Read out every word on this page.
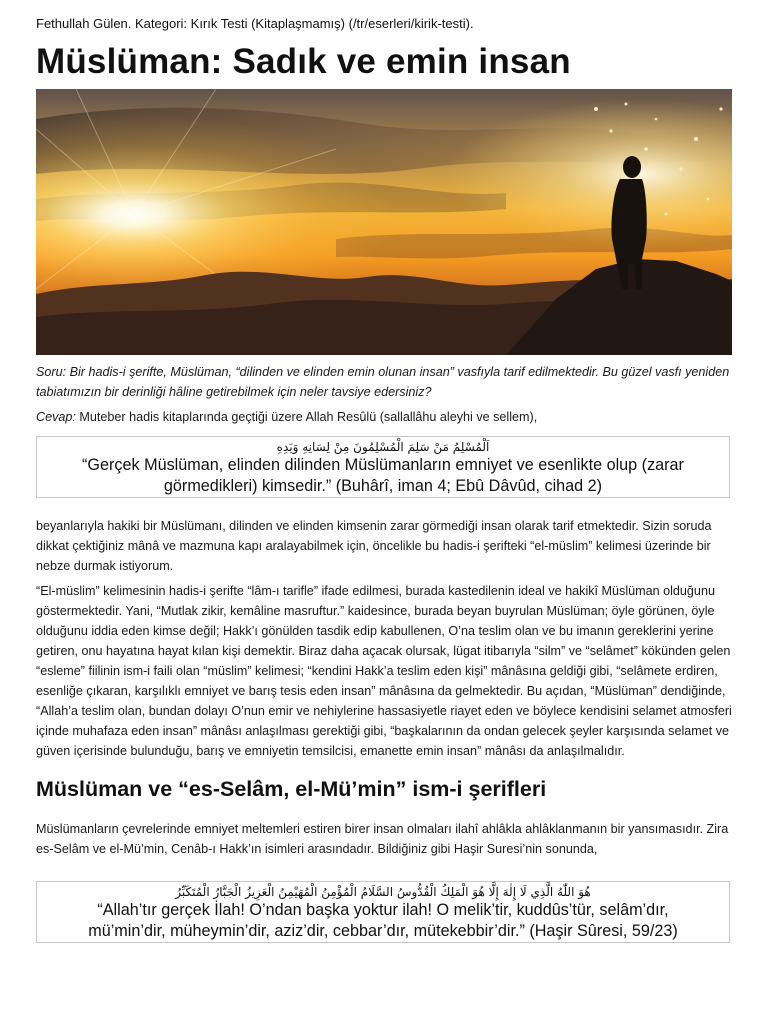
Fethullah Gülen. Kategori: Kırık Testi (Kitaplaşmamış) (/tr/eserleri/kirik-testi).
Müslüman: Sadık ve emin insan

Soru: Bir hadis-i şerifte, Müslüman, “dilinden ve elinden emin olunan insan” vasfıyla tarif edilmektedir. Bu güzel vasfı yeniden tabiatımızın bir derinliği hâline getirebilmek için neler tavsiye edersiniz?

Cevap: Muteber hadis kitaplarında geçtiği üzere Allah Resûlü (sallallâhu aleyhi ve sellem),

اَلْمُسْلِمُ مَنْ سَلِمَ الْمُسْلِمُونَ مِنْ لِسَانِهِ وَيَدِهِ
“Gerçek Müslüman, elinden dilinden Müslümanların emniyet ve esenlikte olup (zarar
görmedikleri) kimsedir.” (Buhârî, iman 4; Ebû Dâvûd, cihad 2)

beyanlarıyla hakiki bir Müslümanı, dilinden ve elinden kimsenin zarar görmediği insan olarak tarif etmektedir. Sizin soruda dikkat çektiğiniz mânâ ve mazmuna kapı aralayabilmek için, öncelikle bu hadis-i şerifteki “el-müslim” kelimesi üzerinde bir nebze durmak istiyorum.

“El-müslim” kelimesinin hadis-i şerifte “lâm-ı tarifle” ifade edilmesi, burada kastedilenin ideal ve hakikî Müslüman olduğunu göstermektedir. Yani, “Mutlak zikir, kemâline masruftur.” kaidesince, burada beyan buyrulan Müslüman; öyle görünen, öyle olduğunu iddia eden kimse değil; Hakk’ı gönülden tasdik edip kabullenen, O’na teslim olan ve bu imanın gereklerini yerine getiren, onu hayatına hayat kılan kişi demektir. Biraz daha açacak olursak, lügat itibarıyla “silm” ve “selâmet” kökünden gelen “esleme” fiilinin ism-i faili olan “müslim” kelimesi; “kendini Hakk’a teslim eden kişi” mânâsına geldiği gibi, “selâmete erdiren, esenliğe çıkaran, karşılıklı emniyet ve barış tesis eden insan” mânâsına da gelmektedir. Bu açıdan, “Müslüman” dendiğinde, “Allah’a teslim olan, bundan dolayı O’nun emir ve nehiylerine hassasiyetle riayet eden ve böylece kendisini selamet atmosferi içinde muhafaza eden insan” mânâsı anlaşılması gerektiği gibi, “başkalarının da ondan gelecek şeyler karşısında selamet ve güven içerisinde bulunduğu, barış ve emniyetin temsilcisi, emanette emin insan” mânâsı da anlaşılmalıdır.

Müslüman ve “es-Selâm, el-Mü’min” ism-i şerifleri

Müslümanların çevrelerinde emniyet meltemleri estiren birer insan olmaları ilahî ahlâkla ahlâklanmanın bir yansımasıdır. Zira es-Selâm ve el-Mü’min, Cenâb-ı Hakk’ın isimleri arasındadır. Bildiğiniz gibi Haşir Suresi’nin sonunda,

هُوَ اللّٰهُ الَّذِي لَا إِلٰهَ إِلَّا هُوَ الْمَلِكُ الْقُدُّوسُ السَّلَامُ الْمُؤْمِنُ الْمُهَيْمِنُ الْعَزِيزُ الْجَبَّارُ الْمُتَكَبِّرُ
“Allah’tır gerçek İlah! O’ndan başka yoktur ilah! O melik’tir, kuddûs’tür, selâm’dır,
mü’min’dir, müheymin’dir, aziz’dir, cebbar’dır, mütekebbir’dir.” (Haşir Sûresi, 59/23)
